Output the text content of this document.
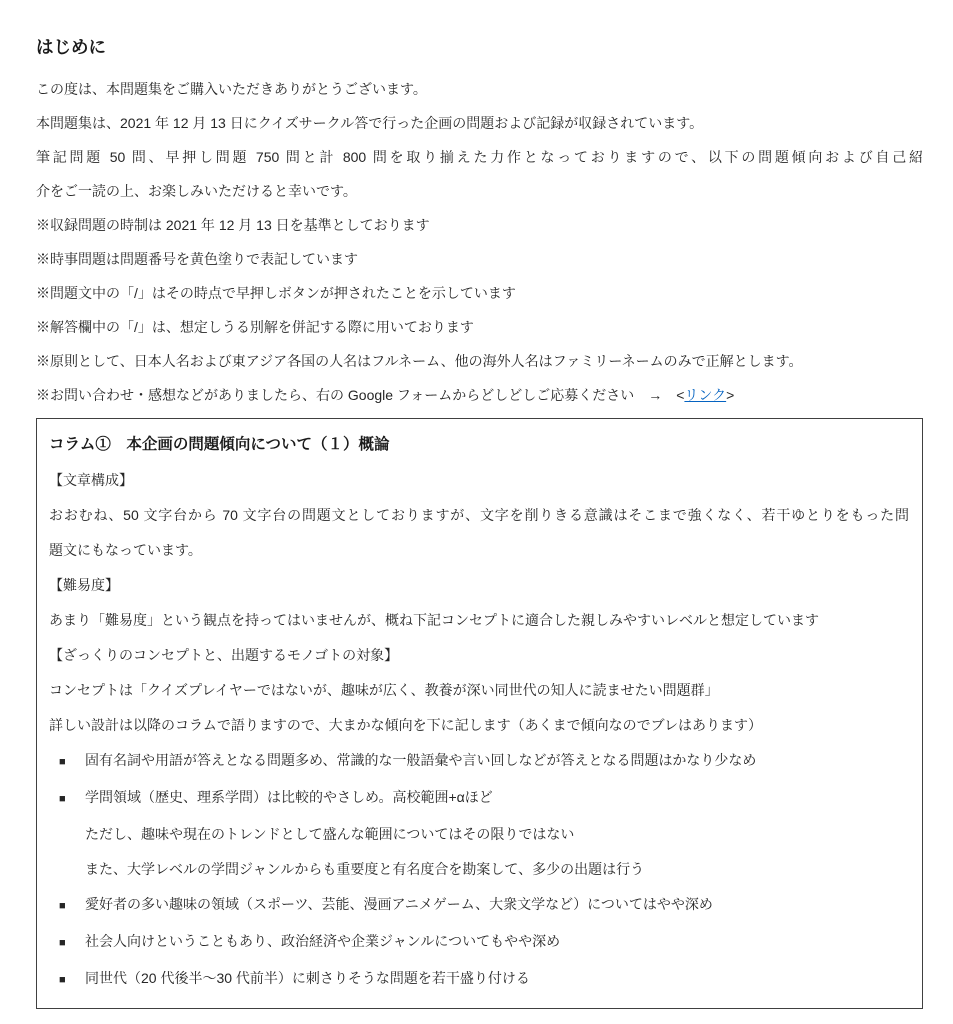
はじめに

この度は、本問題集をご購入いただきありがとうございます。

本問題集は、2021 年 12 月 13 日にクイズサークル答で行った企画の問題および記録が収録されています。

筆記問題 50 問、早押し問題 750 問と計 800 問を取り揃えた力作となっておりますので、以下の問題傾向および自己紹

介をご一読の上、お楽しみいただけると幸いです。

※収録問題の時制は 2021 年 12 月 13 日を基準としております

※時事問題は問題番号を黄色塗りで表記しています

※問題文中の「/」はその時点で早押しボタンが押されたことを示しています

※解答欄中の「/」は、想定しうる別解を併記する際に用いております

※原則として、日本人名および東アジア各国の人名はフルネーム、他の海外人名はファミリーネームのみで正解とします。

※お問い合わせ・感想などがありましたら、右の Google フォームからどしどしご応募ください　→　<リンク>

コラム①　本企画の問題傾向について（１）概論

【文章構成】

おおむね、50 文字台から 70 文字台の問題文としておりますが、文字を削りきる意識はそこまで強くなく、若干ゆとりをもった問

題文にもなっています。

【難易度】

あまり「難易度」という観点を持ってはいませんが、概ね下記コンセプトに適合した親しみやすいレベルと想定しています

【ざっくりのコンセプトと、出題するモノゴトの対象】

コンセプトは「クイズプレイヤーではないが、趣味が広く、教養が深い同世代の知人に読ませたい問題群」

詳しい設計は以降のコラムで語りますので、大まかな傾向を下に記します（あくまで傾向なのでブレはあります）

■	固有名詞や用語が答えとなる問題多め、常識的な一般語彙や言い回しなどが答えとなる問題はかなり少なめ
■	学問領域（歴史、理系学問）は比較的やさしめ。高校範囲+αほど

ただし、趣味や現在のトレンドとして盛んな範囲についてはその限りではない

また、大学レベルの学問ジャンルからも重要度と有名度合を勘案して、多少の出題は行う

■	愛好者の多い趣味の領域（スポーツ、芸能、漫画アニメゲーム、大衆文学など）についてはやや深め
■	社会人向けということもあり、政治経済や企業ジャンルについてもやや深め
■	同世代（20 代後半～30 代前半）に刺さりそうな問題を若干盛り付ける
